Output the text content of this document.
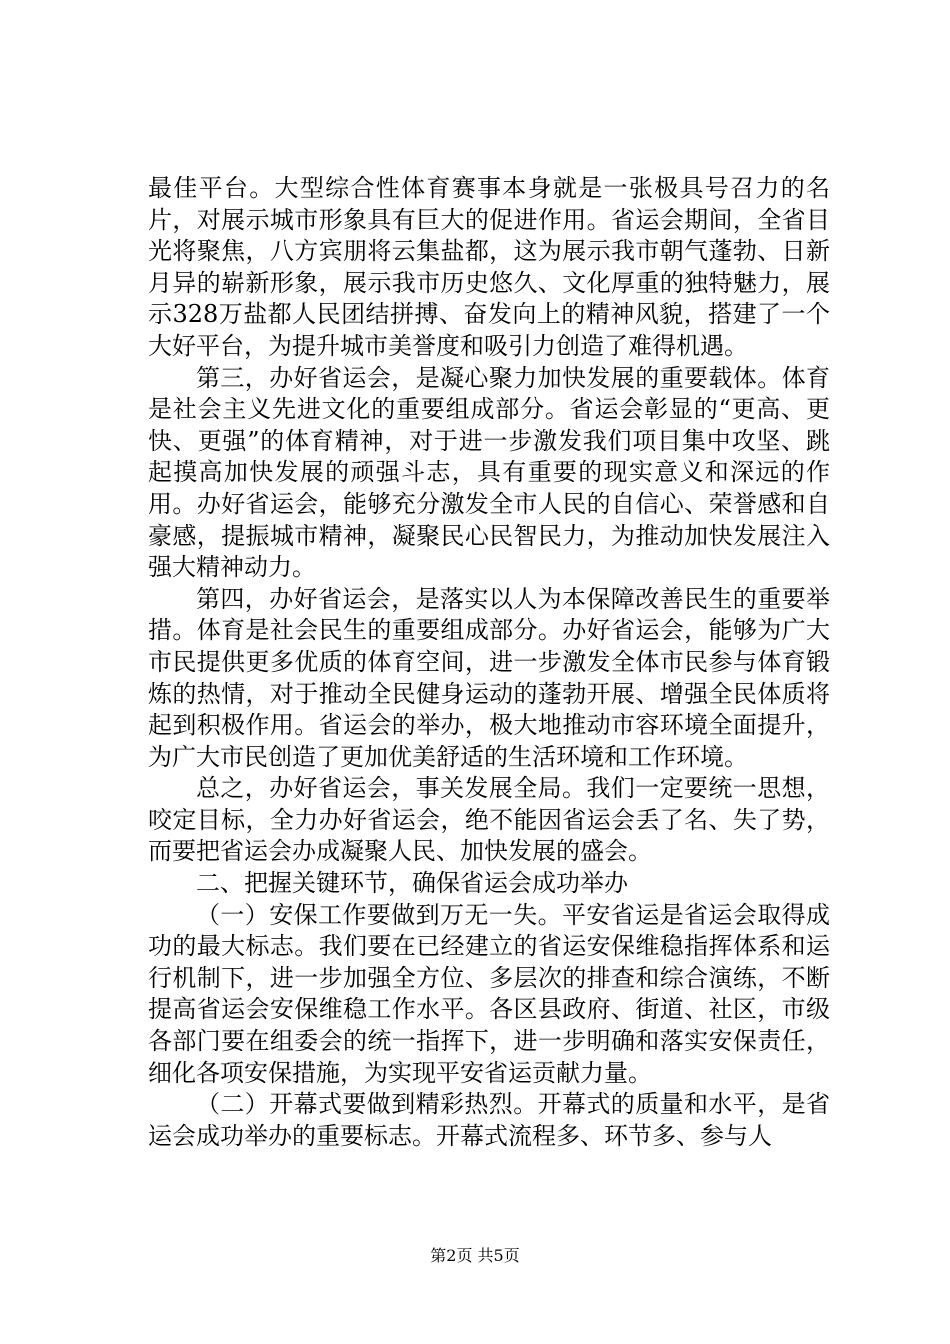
最佳平台。大型综合性体育赛事本身就是一张极具号召力的名片，对展示城市形象具有巨大的促进作用。省运会期间，全省目光将聚焦，八方宾朋将云集盐都，这为展示我市朝气蓬勃、日新月异的崭新形象，展示我市历史悠久、文化厚重的独特魅力，展示328万盐都人民团结拼搏、奋发向上的精神风貌，搭建了一个大好平台，为提升城市美誉度和吸引力创造了难得机遇。

第三，办好省运会，是凝心聚力加快发展的重要载体。体育是社会主义先进文化的重要组成部分。省运会彰显的“更高、更快、更强”的体育精神，对于进一步激发我们项目集中攻坚、跳起摸高加快发展的顽强斗志，具有重要的现实意义和深远的作用。办好省运会，能够充分激发全市人民的自信心、荣誉感和自豪感，提振城市精神，凝聚民心民智民力，为推动加快发展注入强大精神动力。

第四，办好省运会，是落实以人为本保障改善民生的重要举措。体育是社会民生的重要组成部分。办好省运会，能够为广大市民提供更多优质的体育空间，进一步激发全体市民参与体育锻炼的热情，对于推动全民健身运动的蓬勃开展、增强全民体质将起到积极作用。省运会的举办，极大地推动市容环境全面提升，为广大市民创造了更加优美舒适的生活环境和工作环境。

总之，办好省运会，事关发展全局。我们一定要统一思想，咬定目标，全力办好省运会，绝不能因省运会丢了名、失了势，而要把省运会办成凝聚人民、加快发展的盛会。

二、把握关键环节，确保省运会成功举办

（一）安保工作要做到万无一失。平安省运是省运会取得成功的最大标志。我们要在已经建立的省运安保维稳指挥体系和运行机制下，进一步加强全方位、多层次的排查和综合演练，不断提高省运会安保维稳工作水平。各区县政府、街道、社区，市级各部门要在组委会的统一指挥下，进一步明确和落实安保责任，细化各项安保措施，为实现平安省运贡献力量。

（二）开幕式要做到精彩热烈。开幕式的质量和水平，是省运会成功举办的重要标志。开幕式流程多、环节多、参与人

第2页 共5页
